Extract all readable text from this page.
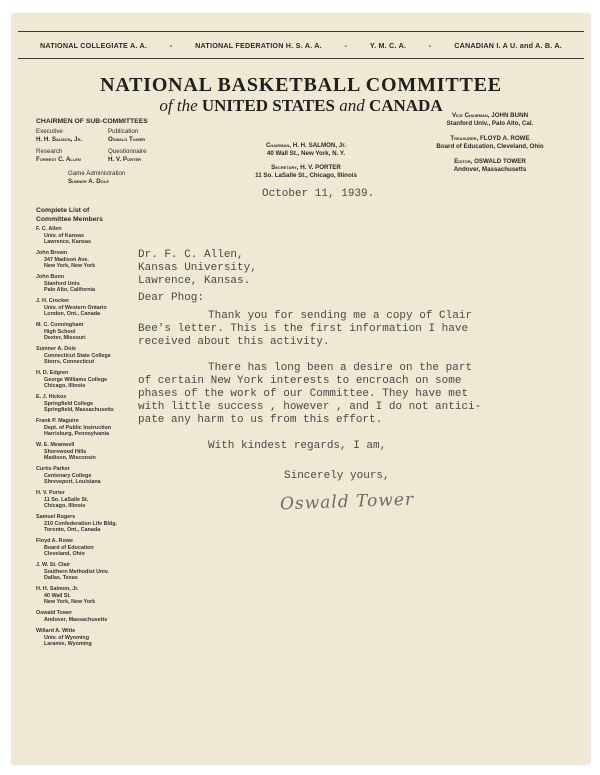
NATIONAL COLLEGIATE A. A.	-	NATIONAL FEDERATION H. S. A. A.	-	Y. M. C. A.	-	CANADIAN I. A U. and A. B. A.
NATIONAL BASKETBALL COMMITTEE
of the UNITED STATES and CANADA
CHAIRMEN OF SUB-COMMITTEES
Executive
H. H. Salmon, Jr.
Publication
Oswald Tower
Research
Forrest C. Allen
Questionnaire
H. V. Porter
Game Administration
Sumner A. Dole
Chairman, H. H. SALMON, Jr.
40 Wall St., New York, N. Y.
Secretary, H. V. PORTER
11 So. LaSalle St., Chicago, Illinois
Vice Chairman, JOHN BUNN
Stanford Univ., Palo Alto, Cal.
Treasurer, FLOYD A. ROWE
Board of Education, Cleveland, Ohio
Editor, OSWALD TOWER
Andover, Massachusetts
Complete List of
Committee Members
F. C. Allen
Univ. of Kansas
Lawrence, Kansas
John Brown
347 Madison Ave.
New York, New York
John Bunn
Stanford Univ.
Palo Alto, California
J. H. Crocker
Univ. of Western Ontario
London, Ont., Canada
M. C. Cunningham
High School
Dexter, Missouri
Sumner A. Dole
Connecticut State College
Storrs, Connecticut
H. D. Edgren
George Williams College
Chicago, Illinois
E. J. Hickox
Springfield College
Springfield, Massachusetts
Frank P. Maguire
Dept. of Public Instruction
Harrisburg, Pennsylvania
W. E. Meanwell
Shorewood Hills
Madison, Wisconsin
Curtis Parker
Centenary College
Shreveport, Louisiana
H. V. Porter
11 So. LaSalle St.
Chicago, Illinois
Samuel Rogers
210 Confederation Life Bldg.
Toronto, Ont., Canada
Floyd A. Rowe
Board of Education
Cleveland, Ohio
J. W. St. Clair
Southern Methodist Univ.
Dallas, Texas
H. H. Salmon, Jr.
40 Wall St.
New York, New York
Oswald Tower
Andover, Massachusetts
Willard A. Witte
Univ. of Wyoming
Laramie, Wyoming
October 11, 1939.
Dr. F. C. Allen,
Kansas University,
Lawrence, Kansas.
Dear Phog:
Thank you for sending me a copy of Clair
Bee's letter. This is the first information I have
received about this activity.
There has long been a desire on the part
of certain New York interests to encroach on some
phases of the work of our Committee. They have met
with little success , however , and I do not antici-
pate any harm to us from this effort.
With kindest regards, I am,
Sincerely yours,
Oswald Tower
